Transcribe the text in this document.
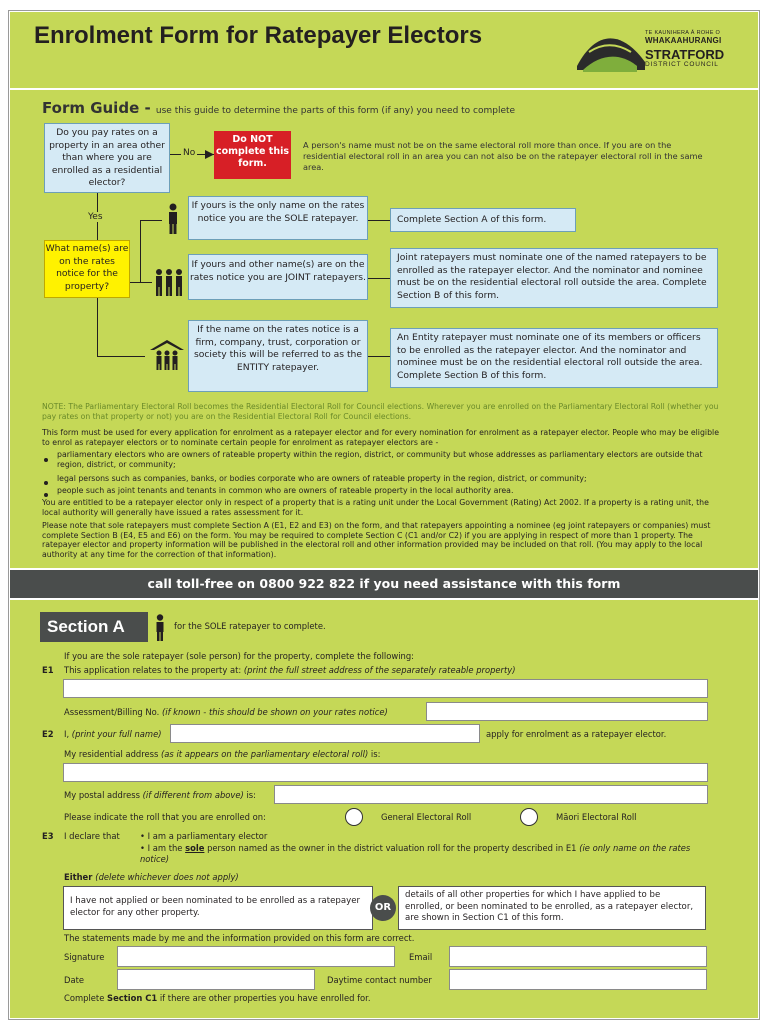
Enrolment Form for Ratepayer Electors	TE KAUNIHERA Ā ROHE O
WHAKAAHURANGI
STRATFORD
DISTRICT COUNCIL
Form Guide - use this guide to determine the parts of this form (if any) you need to complete
Do you pay rates on a property in an area other than where you are enrolled as a residential elector?
No
Do NOT complete this form.
A person's name must not be on the same electoral roll more than once. If you are on the residential electoral roll in an area you can not also be on the ratepayer electoral roll in the same area.
Yes
What name(s) are on the rates notice for the property?
If yours is the only name on the rates notice you are the SOLE ratepayer.	Complete Section A of this form.
If yours and other name(s) are on the rates notice you are JOINT ratepayers.
Joint ratepayers must nominate one of the named ratepayers to be enrolled as the ratepayer elector. And the nominator and nominee must be on the residential electoral roll outside the area. Complete Section B of this form.
If the name on the rates notice is a firm, company, trust, corporation or society this will be referred to as the ENTITY ratepayer.
An Entity ratepayer must nominate one of its members or officers to be enrolled as the ratepayer elector. And the nominator and nominee must be on the residential electoral roll outside the area. Complete Section B of this form.
NOTE: The Parliamentary Electoral Roll becomes the Residential Electoral Roll for Council elections. Wherever you are enrolled on the Parliamentary Electoral Roll (whether you pay rates on that property or not) you are on the Residential Electoral Roll for Council elections.
This form must be used for every application for enrolment as a ratepayer elector and for every nomination for enrolment as a ratepayer elector. People who may be eligible to enrol as ratepayer electors or to nominate certain people for enrolment as ratepayer electors are -
parliamentary electors who are owners of rateable property within the region, district, or community but whose addresses as parliamentary electors are outside that region, district, or community;
legal persons such as companies, banks, or bodies corporate who are owners of rateable property in the region, district, or community;
people such as joint tenants and tenants in common who are owners of rateable property in the local authority area.
You are entitled to be a ratepayer elector only in respect of a property that is a rating unit under the Local Government (Rating) Act 2002. If a property is a rating unit, the local authority will generally have issued a rates assessment for it.
Please note that sole ratepayers must complete Section A (E1, E2 and E3) on the form, and that ratepayers appointing a nominee (eg joint ratepayers or companies) must complete Section B (E4, E5 and E6) on the form. You may be required to complete Section C (C1 and/or C2) if you are applying in respect of more than 1 property. The ratepayer elector and property information will be published in the electoral roll and other information provided may be included on that roll. (You may apply to the local authority at any time for the correction of that information).
call toll-free on 0800 922 822 if you need assistance with this form
Section A	for the SOLE ratepayer to complete.
If you are the sole ratepayer (sole person) for the property, complete the following:
E1 This application relates to the property at: (print the full street address of the separately rateable property)
Assessment/Billing No. (if known - this should be shown on your rates notice)
E2 I, (print your full name)	apply for enrolment as a ratepayer elector.
My residential address (as it appears on the parliamentary electoral roll) is:
My postal address (if different from above) is:
Please indicate the roll that you are enrolled on:	General Electoral Roll	Māori Electoral Roll
E3 I declare that • I am a parliamentary elector
• I am the sole person named as the owner in the district valuation roll for the property described in E1 (ie only name on the rates notice)
Either (delete whichever does not apply)
I have not applied or been nominated to be enrolled as a ratepayer elector for any other property.	OR
details of all other properties for which I have applied to be enrolled, or been nominated to be enrolled, as a ratepayer elector, are shown in Section C1 of this form.
The statements made by me and the information provided on this form are correct.
Signature	Email
Date	Daytime contact number
Complete Section C1 if there are other properties you have enrolled for.
